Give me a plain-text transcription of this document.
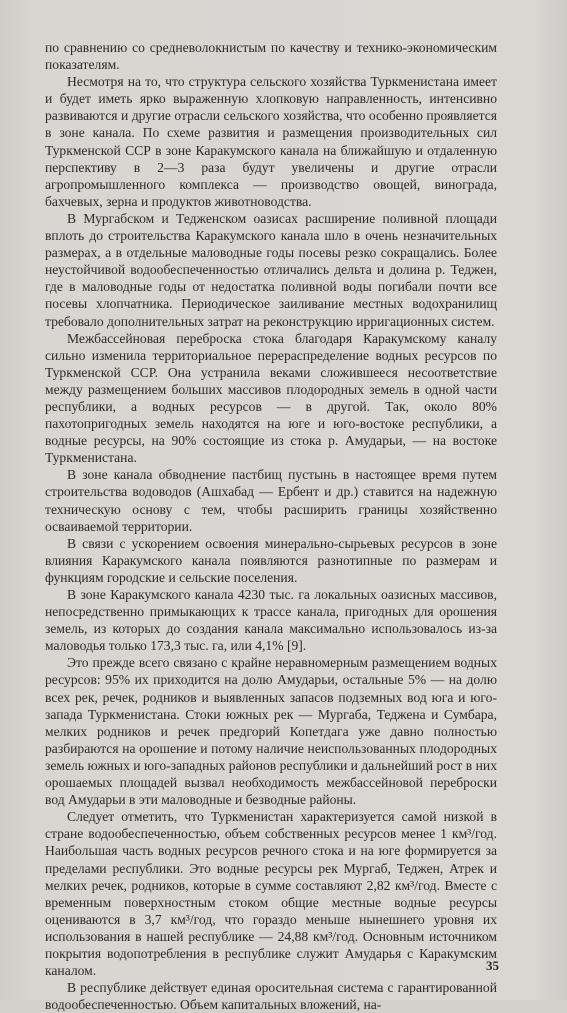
по сравнению со средневолокнистым по качеству и технико-экономическим показателям.

Несмотря на то, что структура сельского хозяйства Туркменистана имеет и будет иметь ярко выраженную хлопковую направленность, интенсивно развиваются и другие отрасли сельского хозяйства, что особенно проявляется в зоне канала. По схеме развития и размещения производительных сил Туркменской ССР в зоне Каракумского канала на ближайшую и отдаленную перспективу в 2—3 раза будут увеличены и другие отрасли агропромышленного комплекса — производство овощей, винограда, бахчевых, зерна и продуктов животноводства.

В Мургабском и Тедженском оазисах расширение поливной площади вплоть до строительства Каракумского канала шло в очень незначительных размерах, а в отдельные маловодные годы посевы резко сокращались. Более неустойчивой водообеспеченностью отличались дельта и долина р. Теджен, где в маловодные годы от недостатка поливной воды погибали почти все посевы хлопчатника. Периодическое заиливание местных водохранилищ требовало дополнительных затрат на реконструкцию ирригационных систем.

Межбассейновая переброска стока благодаря Каракумскому каналу сильно изменила территориальное перераспределение водных ресурсов по Туркменской ССР. Она устранила веками сложившееся несоответствие между размещением больших массивов плодородных земель в одной части республики, а водных ресурсов — в другой. Так, около 80% пахотопригодных земель находятся на юге и юго-востоке республики, а водные ресурсы, на 90% состоящие из стока р. Амударьи, — на востоке Туркменистана.

В зоне канала обводнение пастбищ пустынь в настоящее время путем строительства водоводов (Ашхабад — Ербент и др.) ставится на надежную техническую основу с тем, чтобы расширить границы хозяйственно осваиваемой территории.

В связи с ускорением освоения минерально-сырьевых ресурсов в зоне влияния Каракумского канала появляются разнотипные по размерам и функциям городские и сельские поселения.

В зоне Каракумского канала 4230 тыс. га локальных оазисных массивов, непосредственно примыкающих к трассе канала, пригодных для орошения земель, из которых до создания канала максимально использовалось из-за маловодья только 173,3 тыс. га, или 4,1% [9].

Это прежде всего связано с крайне неравномерным размещением водных ресурсов: 95% их приходится на долю Амударьи, остальные 5% — на долю всех рек, речек, родников и выявленных запасов подземных вод юга и юго-запада Туркменистана. Стоки южных рек — Мургаба, Теджена и Сумбара, мелких родников и речек предгорий Копетдага уже давно полностью разбираются на орошение и потому наличие неиспользованных плодородных земель южных и юго-западных районов республики и дальнейший рост в них орошаемых площадей вызвал необходимость межбассейновой переброски вод Амударьи в эти маловодные и безводные районы.

Следует отметить, что Туркменистан характеризуется самой низкой в стране водообеспеченностью, объем собственных ресурсов менее 1 км³/год. Наибольшая часть водных ресурсов речного стока и на юге формируется за пределами республики. Это водные ресурсы рек Мургаб, Теджен, Атрек и мелких речек, родников, которые в сумме составляют 2,82 км³/год. Вместе с временным поверхностным стоком общие местные водные ресурсы оцениваются в 3,7 км³/год, что гораздо меньше нынешнего уровня их использования в нашей республике — 24,88 км³/год. Основным источником покрытия водопотребления в республике служит Амударья с Каракумским каналом.

В республике действует единая оросительная система с гарантированной водообеспеченностью. Объем капитальных вложений, на-

35
